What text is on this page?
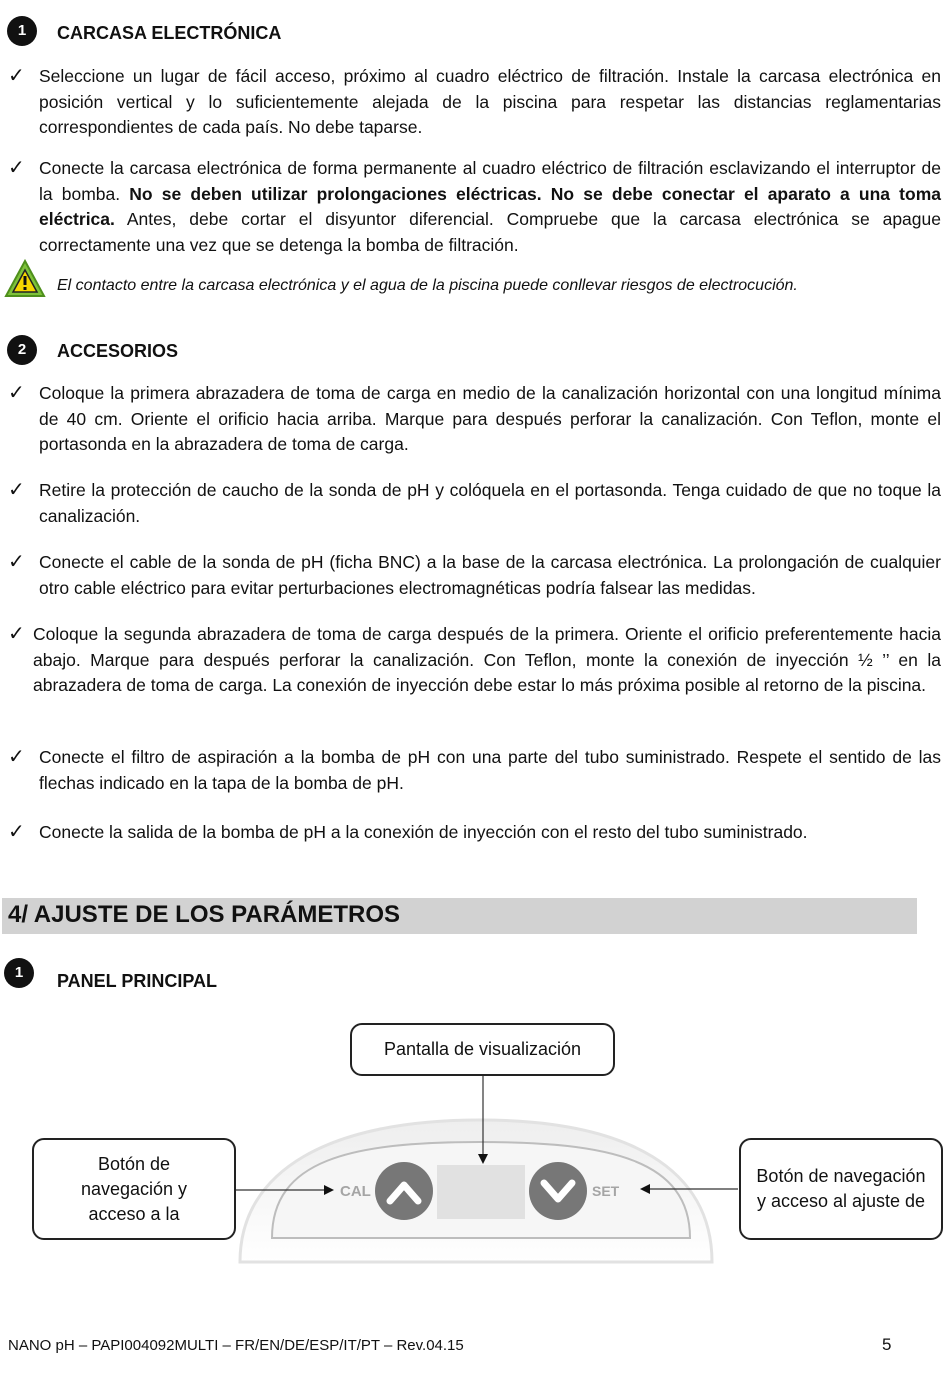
1	CARCASA ELECTRÓNICA
✓ Seleccione un lugar de fácil acceso, próximo al cuadro eléctrico de filtración. Instale la carcasa electrónica en posición vertical y lo suficientemente alejada de la piscina para respetar las distancias reglamentarias correspondientes de cada país. No debe taparse.
✓ Conecte la carcasa electrónica de forma permanente al cuadro eléctrico de filtración esclavizando el interruptor de la bomba. No se deben utilizar prolongaciones eléctricas. No se debe conectar el aparato a una toma eléctrica. Antes, debe cortar el disyuntor diferencial. Compruebe que la carcasa electrónica se apague correctamente una vez que se detenga la bomba de filtración.
El contacto entre la carcasa electrónica y el agua de la piscina puede conllevar riesgos de electrocución.
2	ACCESORIOS
✓ Coloque la primera abrazadera de toma de carga en medio de la canalización horizontal con una longitud mínima de 40 cm. Oriente el orificio hacia arriba. Marque para después perforar la canalización. Con Teflon, monte el portasonda en la abrazadera de toma de carga.
✓ Retire la protección de caucho de la sonda de pH y colóquela en el portasonda. Tenga cuidado de que no toque la canalización.
✓ Conecte el cable de la sonda de pH (ficha BNC) a la base de la carcasa electrónica. La prolongación de cualquier otro cable eléctrico para evitar perturbaciones electromagnéticas podría falsear las medidas.
✓ Coloque la segunda abrazadera de toma de carga después de la primera. Oriente el orificio preferentemente hacia abajo. Marque para después perforar la canalización. Con Teflon, monte la conexión de inyección ½ ’’ en la abrazadera de toma de carga. La conexión de inyección debe estar lo más próxima posible al retorno de la piscina.
✓ Conecte el filtro de aspiración a la bomba de pH con una parte del tubo suministrado. Respete el sentido de las flechas indicado en la tapa de la bomba de pH.
✓ Conecte la salida de la bomba de pH a la conexión de inyección con el resto del tubo suministrado.
4/ AJUSTE DE LOS PARÁMETROS
1	PANEL PRINCIPAL
CAL	SET
Pantalla de visualización
Botón de navegación y acceso a la
Botón de navegación y acceso al ajuste de
NANO pH – PAPI004092MULTI – FR/EN/DE/ESP/IT/PT – Rev.04.15	5
